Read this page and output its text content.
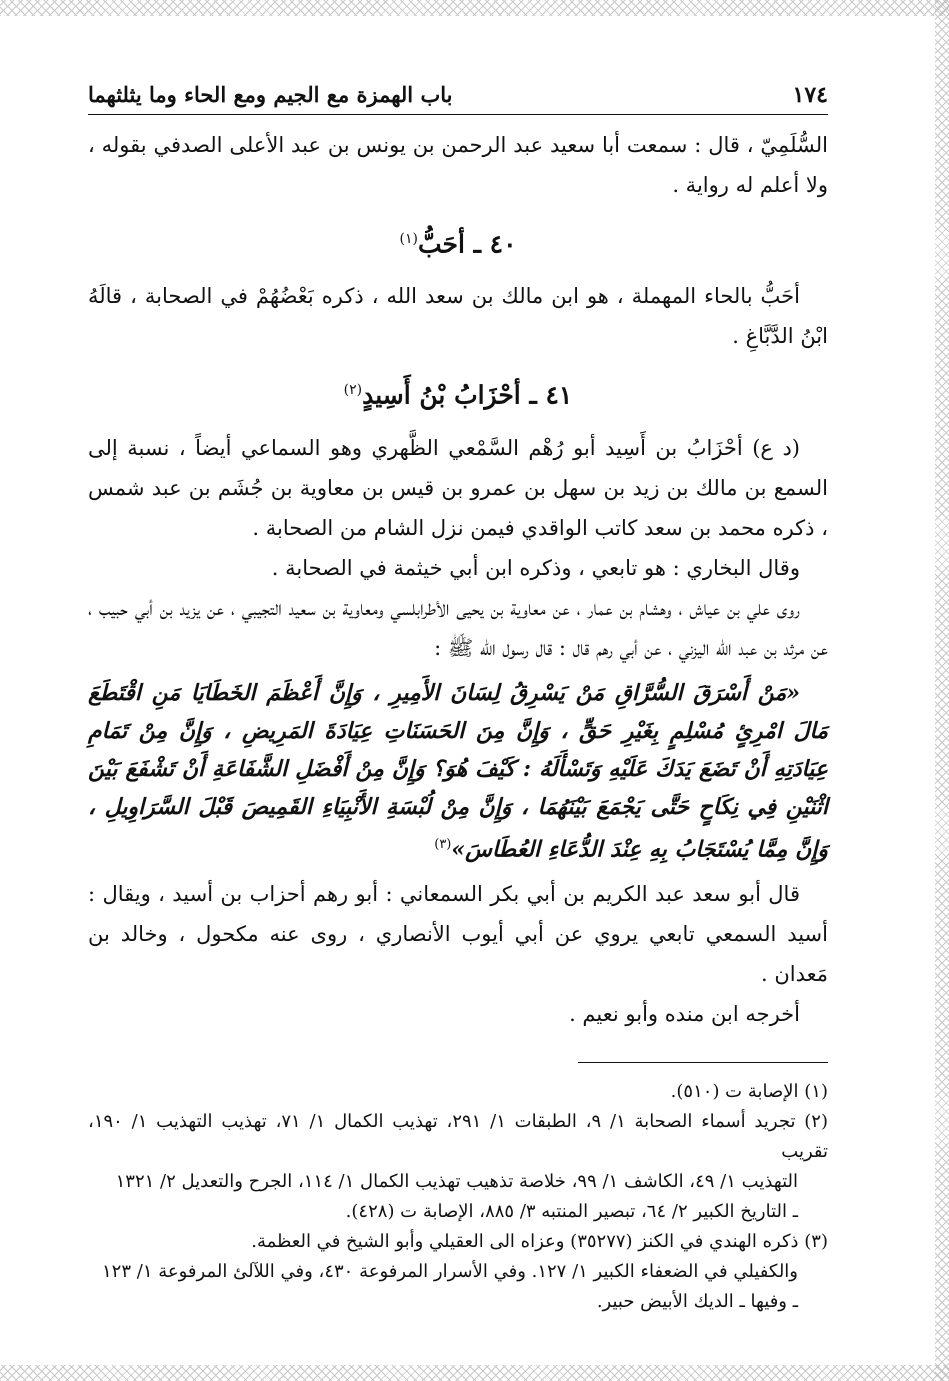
١٧٤
باب الهمزة مع الجيم ومع الحاء وما يثلثهما

السُّلَمِيّ ، قال : سمعت أبا سعيد عبد الرحمن بن يونس بن عبد الأعلى الصدفي بقوله ، ولا أعلم له رواية .

٤٠ ـ أحَبُّ$^{(١)}$

أحَبُّ بالحاء المهملة ، هو ابن مالك بن سعد الله ، ذكره بَعْضُهُمْ في الصحابة ، قالَهُ ابْنُ الدَّبَّاغِ .

٤١ ـ أحْزَابُ بْنُ أَسِيدٍ$^{(٢)}$

(د ع) أحْزَابُ بن أَسِيد أبو رُهْم السَّمْعي الظَّهري وهو السماعي أيضاً ، نسبة إلى السمع بن مالك بن زيد بن سهل بن عمرو بن قيس بن معاوية بن جُشَم بن عبد شمس ، ذكره محمد بن سعد كاتب الواقدي فيمن نزل الشام من الصحابة .

وقال البخاري : هو تابعي ، وذكره ابن أبي خيثمة في الصحابة .

روى علي بن عياش ، وهشام بن عمار ، عن معاوية بن يحيى الأطرابلسي ومعاوية بن سعيد التجيبي ، عن يزيد بن أبي حبيب ، عن مرثد بن عبد الله اليزني ، عن أبي رهم قال : قال رسول الله ﷺ :

«مَنْ أَسْرَقَ السُّرَّاقِ مَنْ يَسْرِقُ لِسَانَ الأَمِيرِ ، وَإِنَّ أَعْظَمَ الخَطَايَا مَنِ اقْتَطَعَ مَالَ امْرِئٍ مُسْلِمٍ بِغَيْرِ حَقٍّ ، وَإِنَّ مِنَ الحَسَنَاتِ عِيَادَةَ المَرِيضِ ، وَإِنَّ مِنْ تَمَامِ عِيَادَتِهِ أَنْ تَضَعَ يَدَكَ عَلَيْهِ وَتَسْأَلَهُ : كَيْفَ هُوَ؟ وَإِنَّ مِنْ أَفْضَلِ الشَّفَاعَةِ أَنْ تَشْفَعَ بَيْنَ اثْنَيْنِ فِي نِكَاحٍ حَتَّى يَجْمَعَ بَيْنَهُمَا ، وَإِنَّ مِنْ لُبْسَةِ الأَنْبِيَاءِ القَمِيصَ قَبْلَ السَّرَاوِيلِ ، وَإِنَّ مِمَّا يُسْتَجَابُ بِهِ عِنْدَ الدُّعَاءِ العُطَاسَ»$^{(٣)}$

قال أبو سعد عبد الكريم بن أبي بكر السمعاني : أبو رهم أحزاب بن أسيد ، ويقال : أسيد السمعي تابعي يروي عن أبي أيوب الأنصاري ، روى عنه مكحول ، وخالد بن مَعدان .

أخرجه ابن منده وأبو نعيم .

(١) الإصابة ت (٥١٠).

(٢) تجريد أسماء الصحابة ١/ ٩، الطبقات ١/ ٢٩١، تهذيب الكمال ١/ ٧١، تهذيب التهذيب ١/ ١٩٠، تقريب

التهذيب ١/ ٤٩، الكاشف ١/ ٩٩، خلاصة تذهيب تهذيب الكمال ١/ ١١٤، الجرح والتعديل ٢/ ١٣٢١

ـ التاريخ الكبير ٢/ ٦٤، تبصير المنتبه ٣/ ٨٨٥، الإصابة ت (٤٢٨).

(٣) ذكره الهندي في الكنز (٣٥٢٧٧) وعزاه الى العقيلي وأبو الشيخ في العظمة.

والكفيلي في الضعفاء الكبير ١/ ١٢٧. وفي الأسرار المرفوعة ٤٣٠، وفي اللآلئ المرفوعة ١/ ١٢٣

ـ وفيها ـ الديك الأبيض حبير.
